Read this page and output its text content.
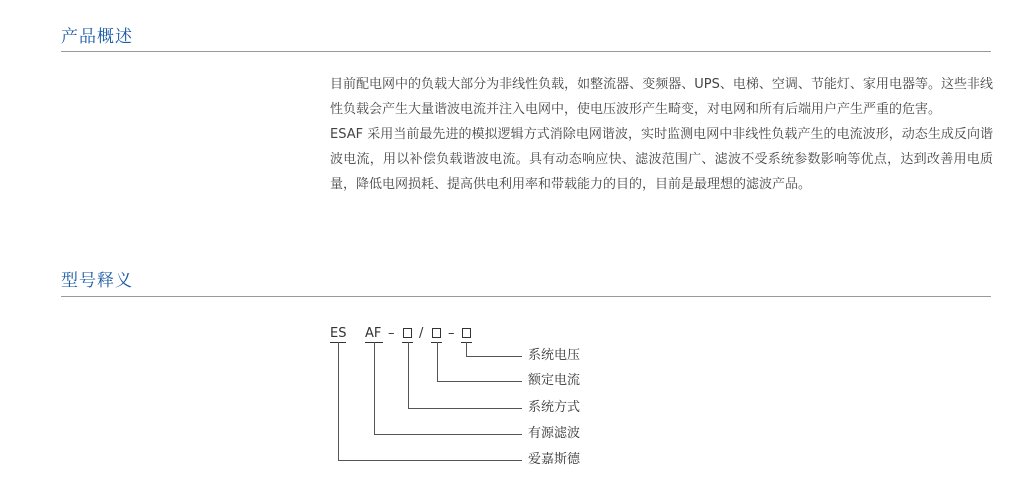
产品概述

目前配电网中的负载大部分为非线性负载，如整流器、变频器、UPS、电梯、空调、节能灯、家用电器等。这些非线性负载会产生大量谐波电流并注入电网中，使电压波形产生畸变，对电网和所有后端用户产生严重的危害。

ESAF 采用当前最先进的模拟逻辑方式消除电网谐波，实时监测电网中非线性负载产生的电流波形，动态生成反向谐波电流，用以补偿负载谐波电流。具有动态响应快、滤波范围广、滤波不受系统参数影响等优点，达到改善用电质量，降低电网损耗、提高供电利用率和带载能力的目的，目前是最理想的滤波产品。

型号释义
ES AF – / –
系统电压
额定电流
系统方式
有源滤波
爱嘉斯德
